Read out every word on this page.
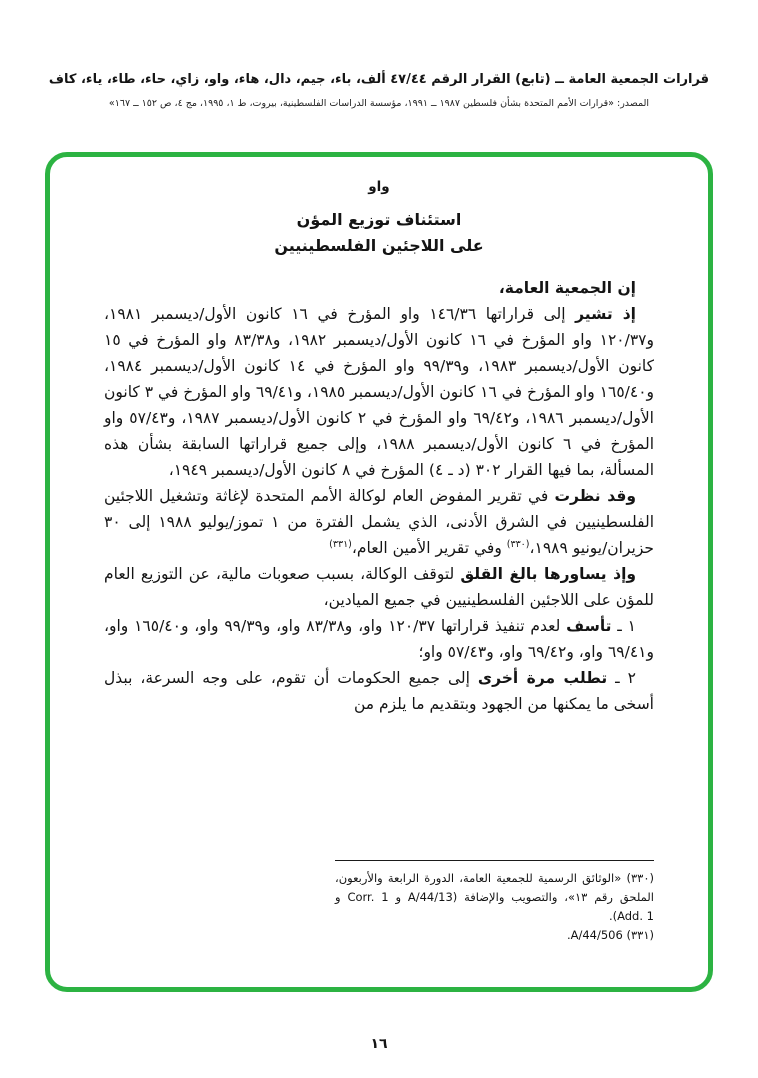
قرارات الجمعية العامة ــ (تابع) القرار الرقم ٤٧/٤٤ ألف، باء، جيم، دال، هاء، واو، زاي، حاء، طاء، ياء، كاف
المصدر: «قرارات الأمم المتحدة بشأن فلسطين ١٩٨٧ ــ ١٩٩١، مؤسسة الدراسات الفلسطينية، بيروت، ط ١، ١٩٩٥، مج ٤، ص ١٥٢ ــ ١٦٧»
واو
استئناف توزيع المؤن
على اللاجئين الفلسطينيين

إن الجمعية العامة،

إذ تشير إلى قراراتها ١٤٦/٣٦ واو المؤرخ في ١٦ كانون الأول/ديسمبر ١٩٨١، و١٢٠/٣٧ واو المؤرخ في ١٦ كانون الأول/ديسمبر ١٩٨٢، و٨٣/٣٨ واو المؤرخ في ١٥ كانون الأول/ديسمبر ١٩٨٣، و٩٩/٣٩ واو المؤرخ في ١٤ كانون الأول/ديسمبر ١٩٨٤، و١٦٥/٤٠ واو المؤرخ في ١٦ كانون الأول/ديسمبر ١٩٨٥، و٦٩/٤١ واو المؤرخ في ٣ كانون الأول/ديسمبر ١٩٨٦، و٦٩/٤٢ واو المؤرخ في ٢ كانون الأول/ديسمبر ١٩٨٧، و٥٧/٤٣ واو المؤرخ في ٦ كانون الأول/ديسمبر ١٩٨٨، وإلى جميع قراراتها السابقة بشأن هذه المسألة، بما فيها القرار ٣٠٢ (د ـ ٤) المؤرخ في ٨ كانون الأول/ديسمبر ١٩٤٩،

وقد نظرت في تقرير المفوض العام لوكالة الأمم المتحدة لإغاثة وتشغيل اللاجئين الفلسطينيين في الشرق الأدنى، الذي يشمل الفترة من ١ تموز/يوليو ١٩٨٨ إلى ٣٠ حزيران/يونيو ١٩٨٩،$^{(٣٣٠)}$ وفي تقرير الأمين العام،$^{(٣٣١)}$

وإذ يساورها بالغ القلق لتوقف الوكالة، بسبب صعوبات مالية، عن التوزيع العام للمؤن على اللاجئين الفلسطينيين في جميع الميادين،

١ ـ تأسف لعدم تنفيذ قراراتها ١٢٠/٣٧ واو، و٨٣/٣٨ واو، و٩٩/٣٩ واو، و١٦٥/٤٠ واو، و٦٩/٤١ واو، و٦٩/٤٢ واو، و٥٧/٤٣ واو؛

٢ ـ تطلب مرة أخرى إلى جميع الحكومات أن تقوم، على وجه السرعة، ببذل أسخى ما يمكنها من الجهود وبتقديم ما يلزم من

(٣٣٠) «الوثائق الرسمية للجمعية العامة، الدورة الرابعة والأربعون، الملحق رقم ١٣»، والتصويب والإضافة (A/44/13 و Corr. 1 و Add. 1).

(٣٣١) A/44/506.

١٦
